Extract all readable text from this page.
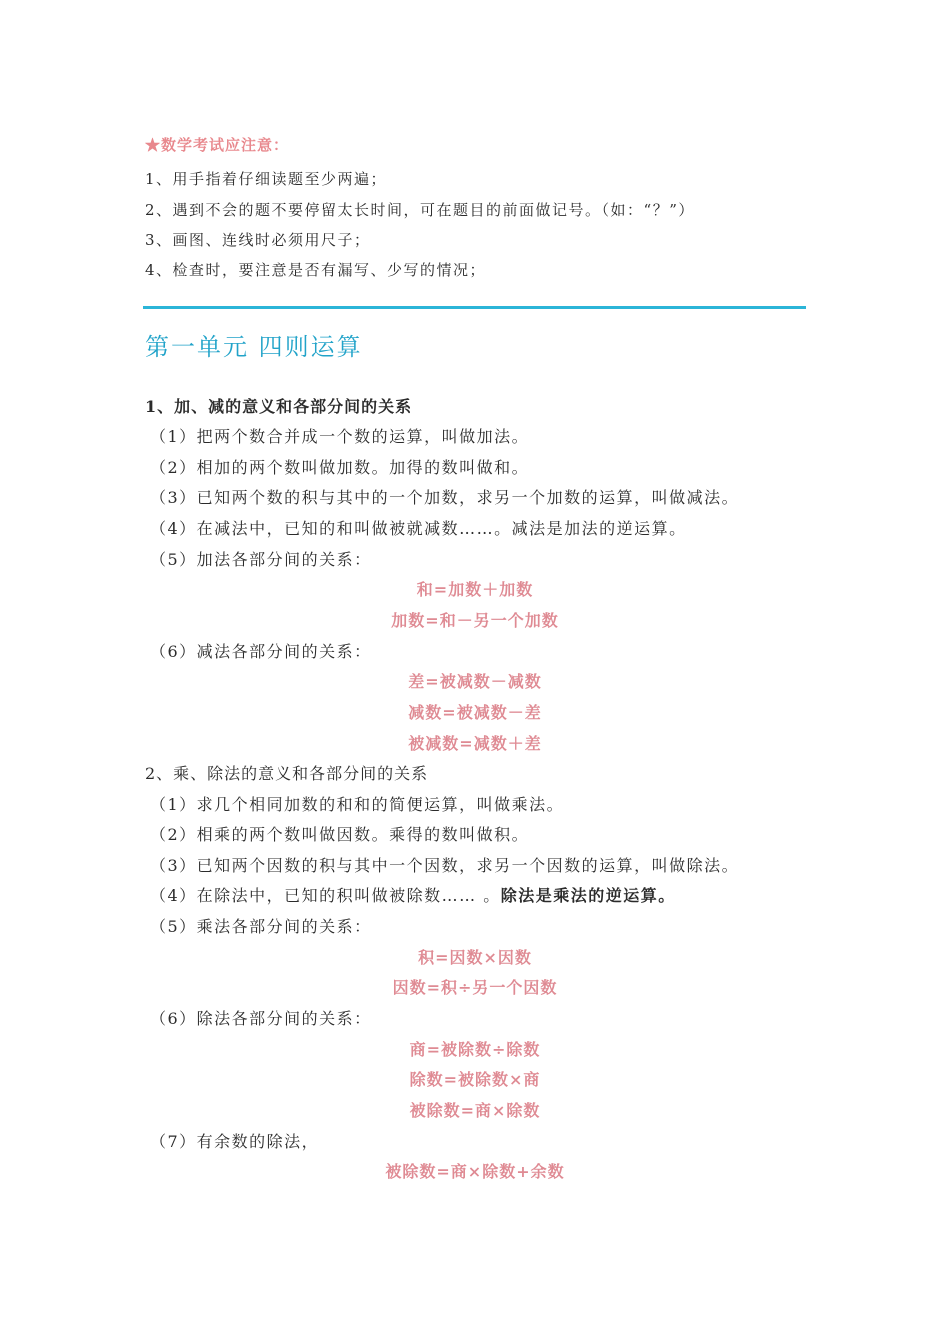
★数学考试应注意：
1、用手指着仔细读题至少两遍；
2、遇到不会的题不要停留太长时间，可在题目的前面做记号。（如：“？”）
3、画图、连线时必须用尺子；
4、检查时，要注意是否有漏写、少写的情况；
第一单元 四则运算
1、加、减的意义和各部分间的关系
（1）把两个数合并成一个数的运算，叫做加法。
（2）相加的两个数叫做加数。加得的数叫做和。
（3）已知两个数的积与其中的一个加数，求另一个加数的运算，叫做减法。
（4）在减法中，已知的和叫做被就减数……。减法是加法的逆运算。
（5）加法各部分间的关系：
和=加数＋加数
加数=和－另一个加数
（6）减法各部分间的关系：
差=被减数－减数
减数=被减数－差
被减数=减数＋差
2、乘、除法的意义和各部分间的关系
（1）求几个相同加数的和和的简便运算，叫做乘法。
（2）相乘的两个数叫做因数。乘得的数叫做积。
（3）已知两个因数的积与其中一个因数，求另一个因数的运算，叫做除法。
（4）在除法中，已知的积叫做被除数…… 。除法是乘法的逆运算。
（5）乘法各部分间的关系：
积=因数×因数
因数=积÷另一个因数
（6）除法各部分间的关系：
商=被除数÷除数
除数=被除数×商
被除数=商×除数
（7）有余数的除法，
被除数=商×除数+余数
